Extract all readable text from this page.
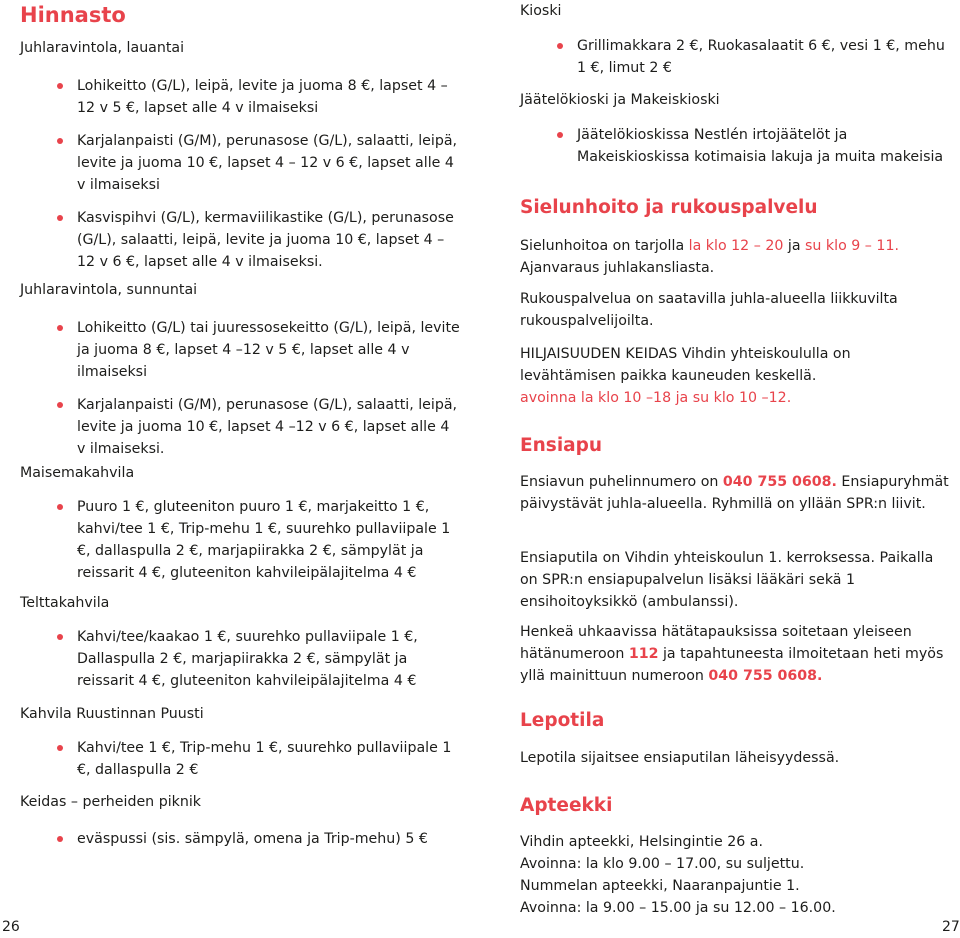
Hinnasto

Juhlaravintola, lauantai

Lohikeitto (G/L), leipä, levite ja juoma 8 €, lapset 4 –12 v 5 €, lapset alle 4 v ilmaiseksi
Karjalanpaisti (G/M), perunasose (G/L), salaatti, leipä, levite ja juoma 10 €, lapset 4 – 12 v 6 €, lapset alle 4 v ilmaiseksi
Kasvispihvi (G/L), kermaviilikastike (G/L), perunasose (G/L), salaatti, leipä, levite ja juoma 10 €, lapset 4 –12 v 6 €, lapset alle 4 v ilmaiseksi.

Juhlaravintola, sunnuntai

Lohikeitto (G/L) tai juuressosekeitto (G/L), leipä, levite ja juoma 8 €, lapset 4 –12 v 5 €, lapset alle 4 v ilmaiseksi
Karjalanpaisti (G/M), perunasose (G/L), salaatti, leipä, levite ja juoma 10 €, lapset 4 –12 v 6 €, lapset alle 4 v ilmaiseksi.

Maisemakahvila

Puuro 1 €, gluteeniton puuro 1 €, marjakeitto 1 €, kahvi/tee 1 €, Trip-mehu 1 €, suurehko pullaviipale 1 €, dallaspulla 2 €, marjapiirakka 2 €, sämpylät ja reissarit 4 €, gluteeniton kahvileipälajitelma 4 €

Telttakahvila

Kahvi/tee/kaakao 1 €, suurehko pullaviipale 1 €, Dallaspulla 2 €, marjapiirakka 2 €, sämpylät ja reissarit 4 €, gluteeniton kahvileipälajitelma 4 €

Kahvila Ruustinnan Puusti

Kahvi/tee 1 €, Trip-mehu 1 €, suurehko pullaviipale 1 €, dallaspulla 2 €

Keidas – perheiden piknik

eväspussi (sis. sämpylä, omena ja Trip-mehu) 5 €
26

Kioski

Grillimakkara 2 €, Ruokasalaatit 6 €, vesi 1 €, mehu 1 €, limut 2 €

Jäätelökioski ja Makeiskioski

Jäätelökioskissa Nestlén irtojäätelöt ja Makeiskioskissa kotimaisia lakuja ja muita makeisia
Sielunhoito ja rukouspalvelu

Sielunhoitoa on tarjolla la klo 12 – 20 ja su klo 9 – 11.
Ajanvaraus juhlakansliasta.

Rukouspalvelua on saatavilla juhla-alueella liikkuvilta rukouspalvelijoilta.

HILJAISUUDEN KEIDAS Vihdin yhteiskoululla on levähtämisen paikka kauneuden keskellä.
avoinna la klo 10 –18 ja su klo 10 –12.

Ensiapu

Ensiavun puhelinnumero on 040 755 0608. Ensiapuryhmät päivystävät juhla-alueella. Ryhmillä on yllään SPR:n liivit.

Ensiaputila on Vihdin yhteiskoulun 1. kerroksessa. Paikalla on SPR:n ensiapupalvelun lisäksi lääkäri sekä 1 ensihoitoyksikkö (ambulanssi).

Henkeä uhkaavissa hätätapauksissa soitetaan yleiseen hätänumeroon 112 ja tapahtuneesta ilmoitetaan heti myös yllä mainittuun numeroon 040 755 0608.

Lepotila

Lepotila sijaitsee ensiaputilan läheisyydessä.

Apteekki

Vihdin apteekki, Helsingintie 26 a.
Avoinna: la klo 9.00 – 17.00, su suljettu.
Nummelan apteekki, Naaranpajuntie 1.
Avoinna: la 9.00 – 15.00 ja su 12.00 – 16.00.

27
